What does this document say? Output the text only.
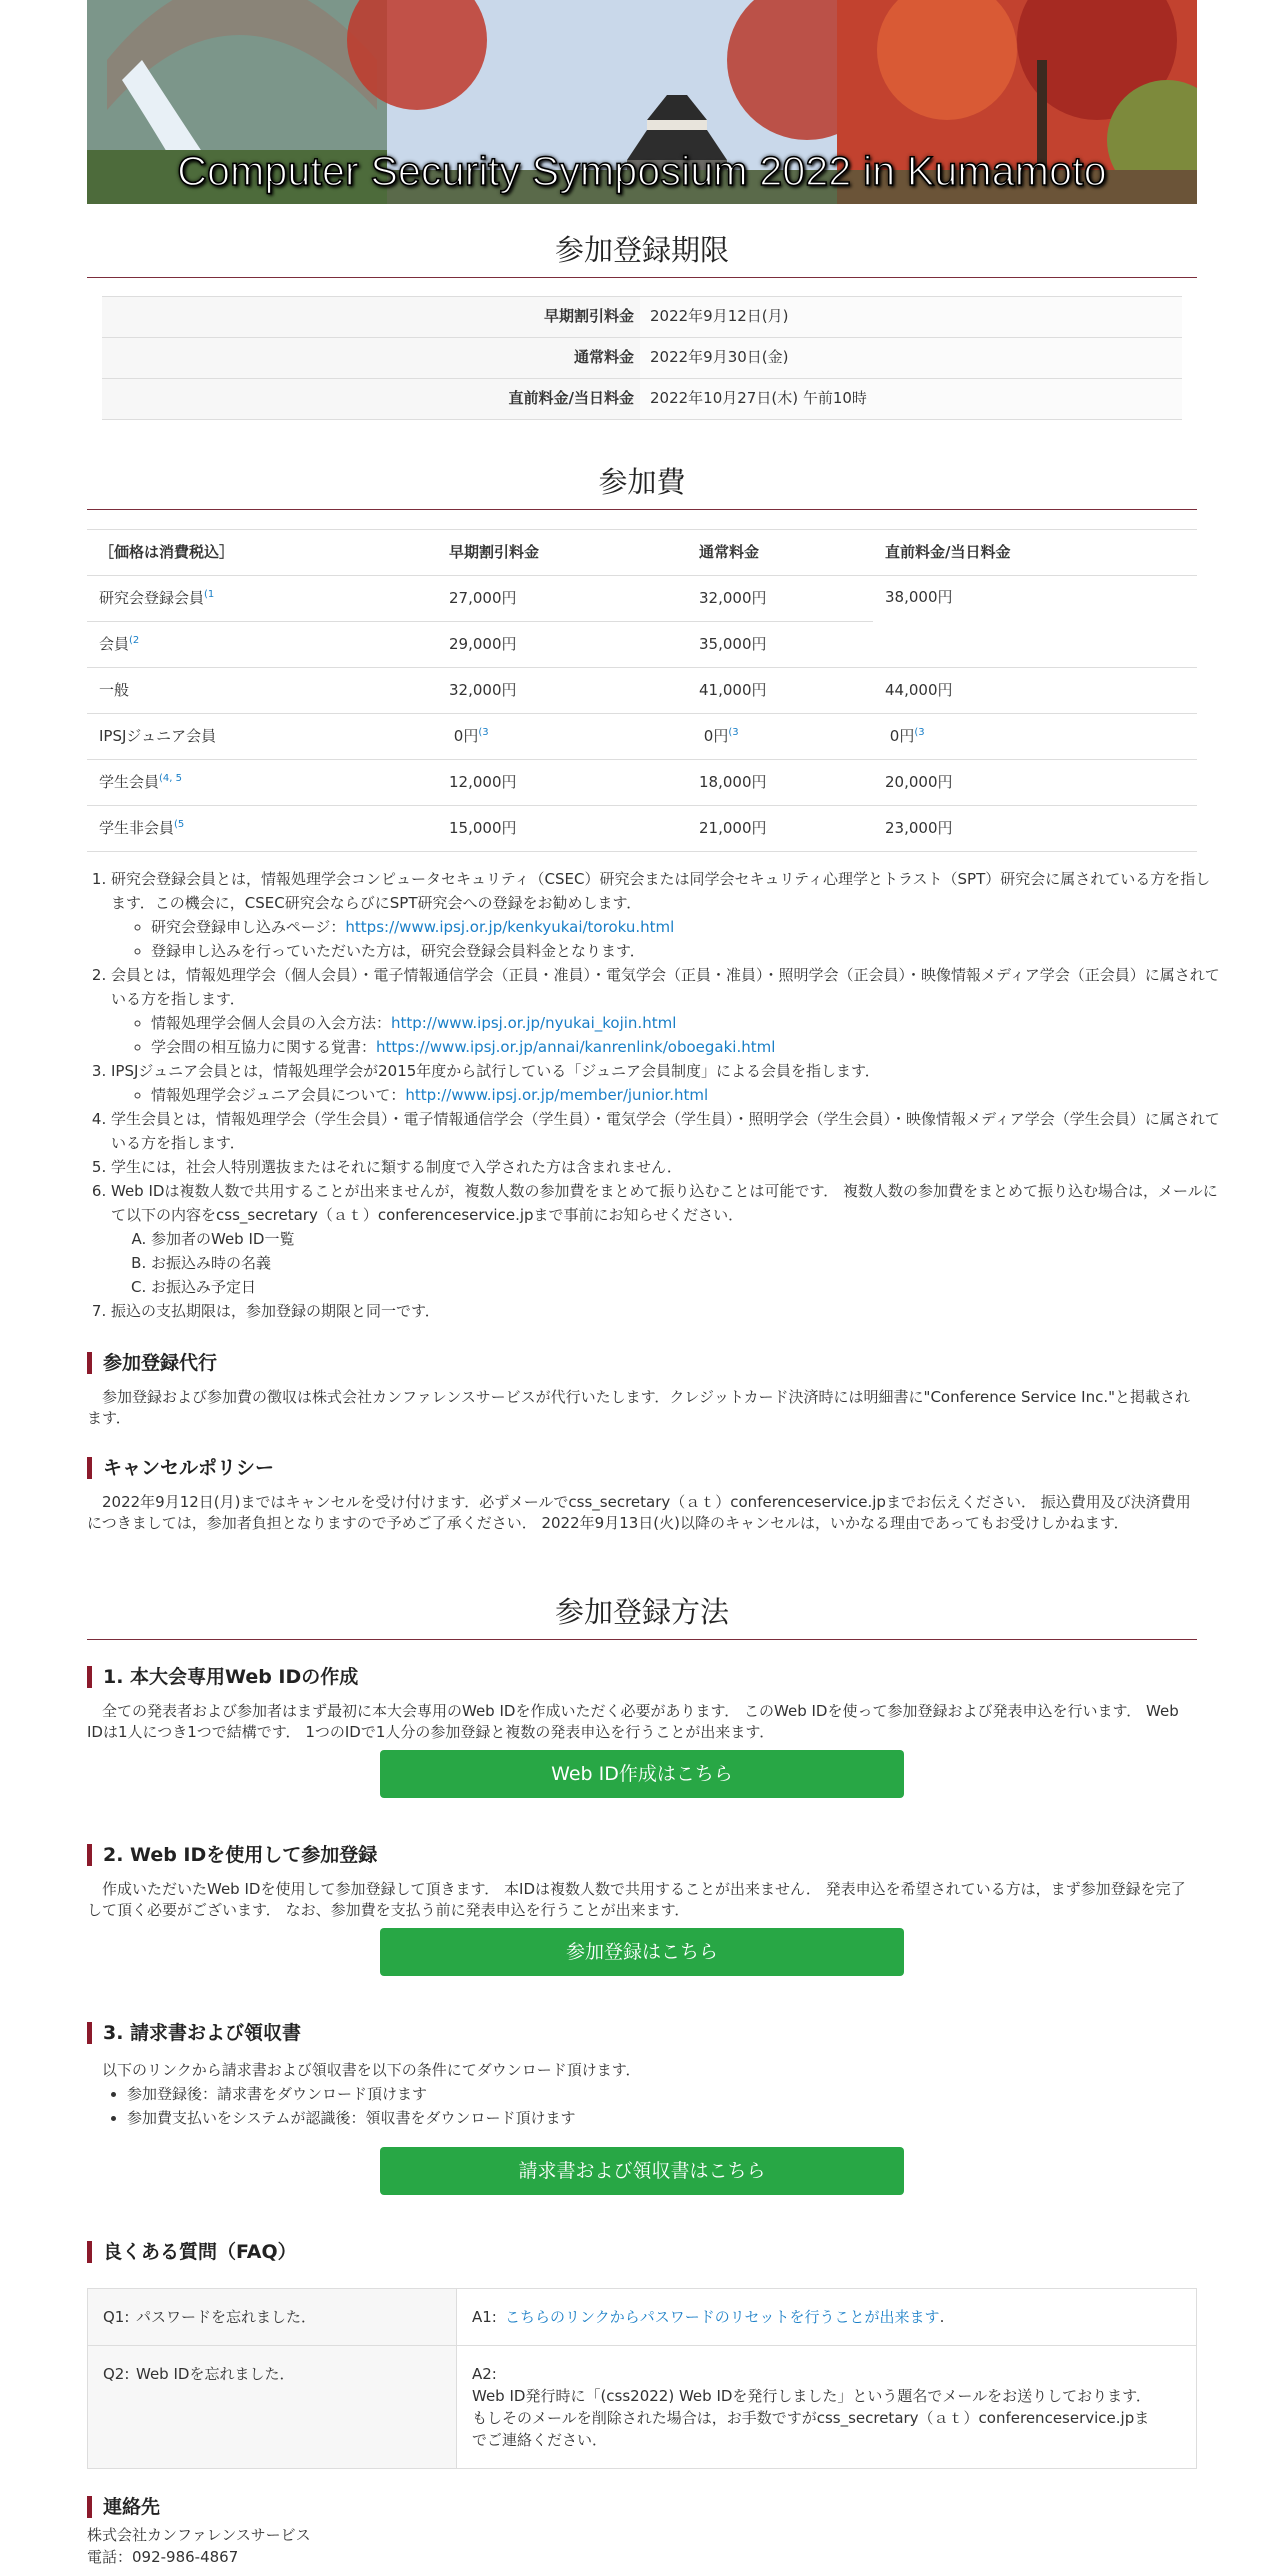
Computer Security Symposium 2022 in Kumamoto
参加登録期限
早期割引料金	2022年9月12日(月)
通常料金	2022年9月30日(金)
直前料金/当日料金	2022年10月27日(木) 午前10時
参加費
［価格は消費税込］	早期割引料金	通常料金	直前料金/当日料金
研究会登録会員$^{(1}$	27,000円	32,000円	38,000円
会員$^{(2}$	29,000円	35,000円	
一般	32,000円	41,000円	44,000円
IPSJジュニア会員	0円$^{(3}$	0円$^{(3}$	0円$^{(3}$
学生会員$^{(4, 5}$	12,000円	18,000円	20,000円
学生非会員$^{(5}$	15,000円	21,000円	23,000円
1. 研究会登録会員とは，情報処理学会コンピュータセキュリティ（CSEC）研究会または同学会セキュリティ心理学とトラスト（SPT）研究会に属されている方を指します．この機会に，CSEC研究会ならびにSPT研究会への登録をお勧めします．
◦ 研究会登録申し込みページ：https://www.ipsj.or.jp/kenkyukai/toroku.html
◦ 登録申し込みを行っていただいた方は，研究会登録会員料金となります．
2. 会員とは，情報処理学会（個人会員）・電子情報通信学会（正員・准員）・電気学会（正員・准員）・照明学会（正会員）・映像情報メディア学会（正会員）に属されている方を指します．
◦ 情報処理学会個人会員の入会方法：http://www.ipsj.or.jp/nyukai_kojin.html
◦ 学会間の相互協力に関する覚書：https://www.ipsj.or.jp/annai/kanrenlink/oboegaki.html
3. IPSJジュニア会員とは，情報処理学会が2015年度から試行している「ジュニア会員制度」による会員を指します．
◦ 情報処理学会ジュニア会員について：http://www.ipsj.or.jp/member/junior.html
4. 学生会員とは，情報処理学会（学生会員）・電子情報通信学会（学生員）・電気学会（学生員）・照明学会（学生会員）・映像情報メディア学会（学生会員）に属されている方を指します．
5. 学生には，社会人特別選抜またはそれに類する制度で入学された方は含まれません．
6. Web IDは複数人数で共用することが出来ませんが，複数人数の参加費をまとめて振り込むことは可能です． 複数人数の参加費をまとめて振り込む場合は，メールにて以下の内容をcss_secretary（ａｔ）conferenceservice.jpまで事前にお知らせください．
A. 参加者のWeb ID一覧
B. お振込み時の名義
C. お振込み予定日
7. 振込の支払期限は，参加登録の期限と同一です．
参加登録代行

参加登録および参加費の徴収は株式会社カンファレンスサービスが代行いたします．クレジットカード決済時には明細書に"Conference Service Inc."と掲載されます．

キャンセルポリシー

2022年9月12日(月)まではキャンセルを受け付けます．必ずメールでcss_secretary（ａｔ）conferenceservice.jpまでお伝えください． 振込費用及び決済費用につきましては，参加者負担となりますので予めご了承ください． 2022年9月13日(火)以降のキャンセルは，いかなる理由であってもお受けしかねます．

参加登録方法
1. 本大会専用Web IDの作成

全ての発表者および参加者はまず最初に本大会専用のWeb IDを作成いただく必要があります． このWeb IDを使って参加登録および発表申込を行います． Web IDは1人につき1つで結構です． 1つのIDで1人分の参加登録と複数の発表申込を行うことが出来ます．

Web ID作成はこちら
2. Web IDを使用して参加登録

作成いただいたWeb IDを使用して参加登録して頂きます． 本IDは複数人数で共用することが出来ません． 発表申込を希望されている方は，まず参加登録を完了して頂く必要がございます． なお、参加費を支払う前に発表申込を行うことが出来ます．

参加登録はこちら
3. 請求書および領収書

以下のリンクから請求書および領収書を以下の条件にてダウンロード頂けます．

• 参加登録後：請求書をダウンロード頂けます
• 参加費支払いをシステムが認識後：領収書をダウンロード頂けます
請求書および領収書はこちら
良くある質問（FAQ）
Q1: パスワードを忘れました．	A1: こちらのリンクからパスワードのリセットを行うことが出来ます.
Q2: Web IDを忘れました．	A2:Web ID発行時に「(css2022) Web IDを発行しました」という題名でメールをお送りしております． もしそのメールを削除された場合は，お手数ですがcss_secretary（ａｔ）conferenceservice.jpまでご連絡ください．
連絡先
株式会社カンファレンスサービス
電話：092-986-4867
